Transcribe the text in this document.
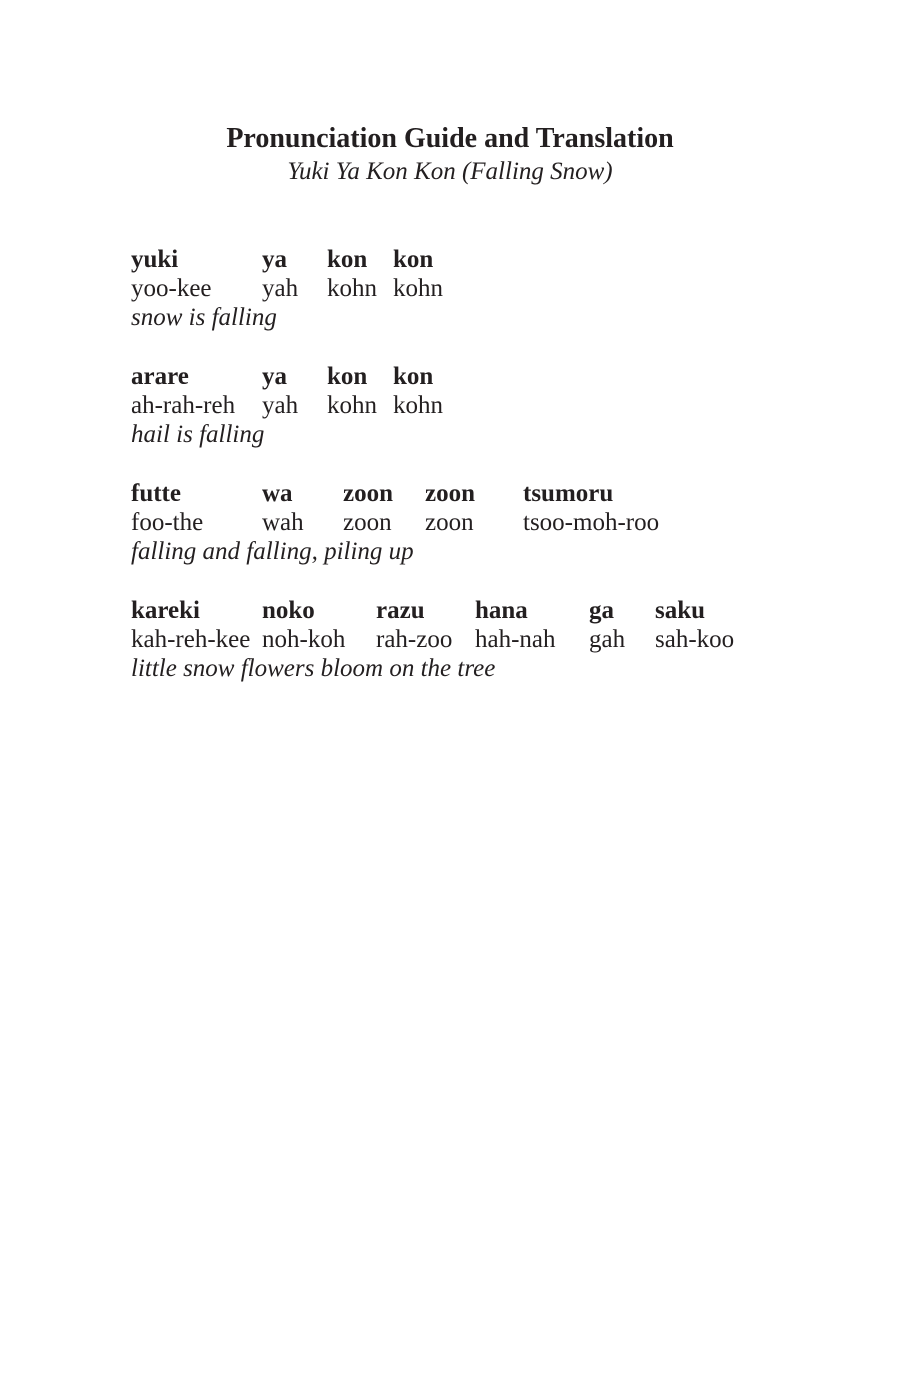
Pronunciation Guide and Translation
Yuki Ya Kon Kon (Falling Snow)
yuki	ya kon kon
yoo-kee yah kohn kohn
snow is falling
arare	ya kon kon
ah-rah-reh yah kohn kohn
hail is falling
futte	wa zoon zoon tsumoru
foo-the wah zoon zoon tsoo-moh-roo
falling and falling, piling up
kareki noko razu hana ga saku
kah-reh-kee noh-koh rah-zoo hah-nah gah sah-koo
little snow flowers bloom on the tree
